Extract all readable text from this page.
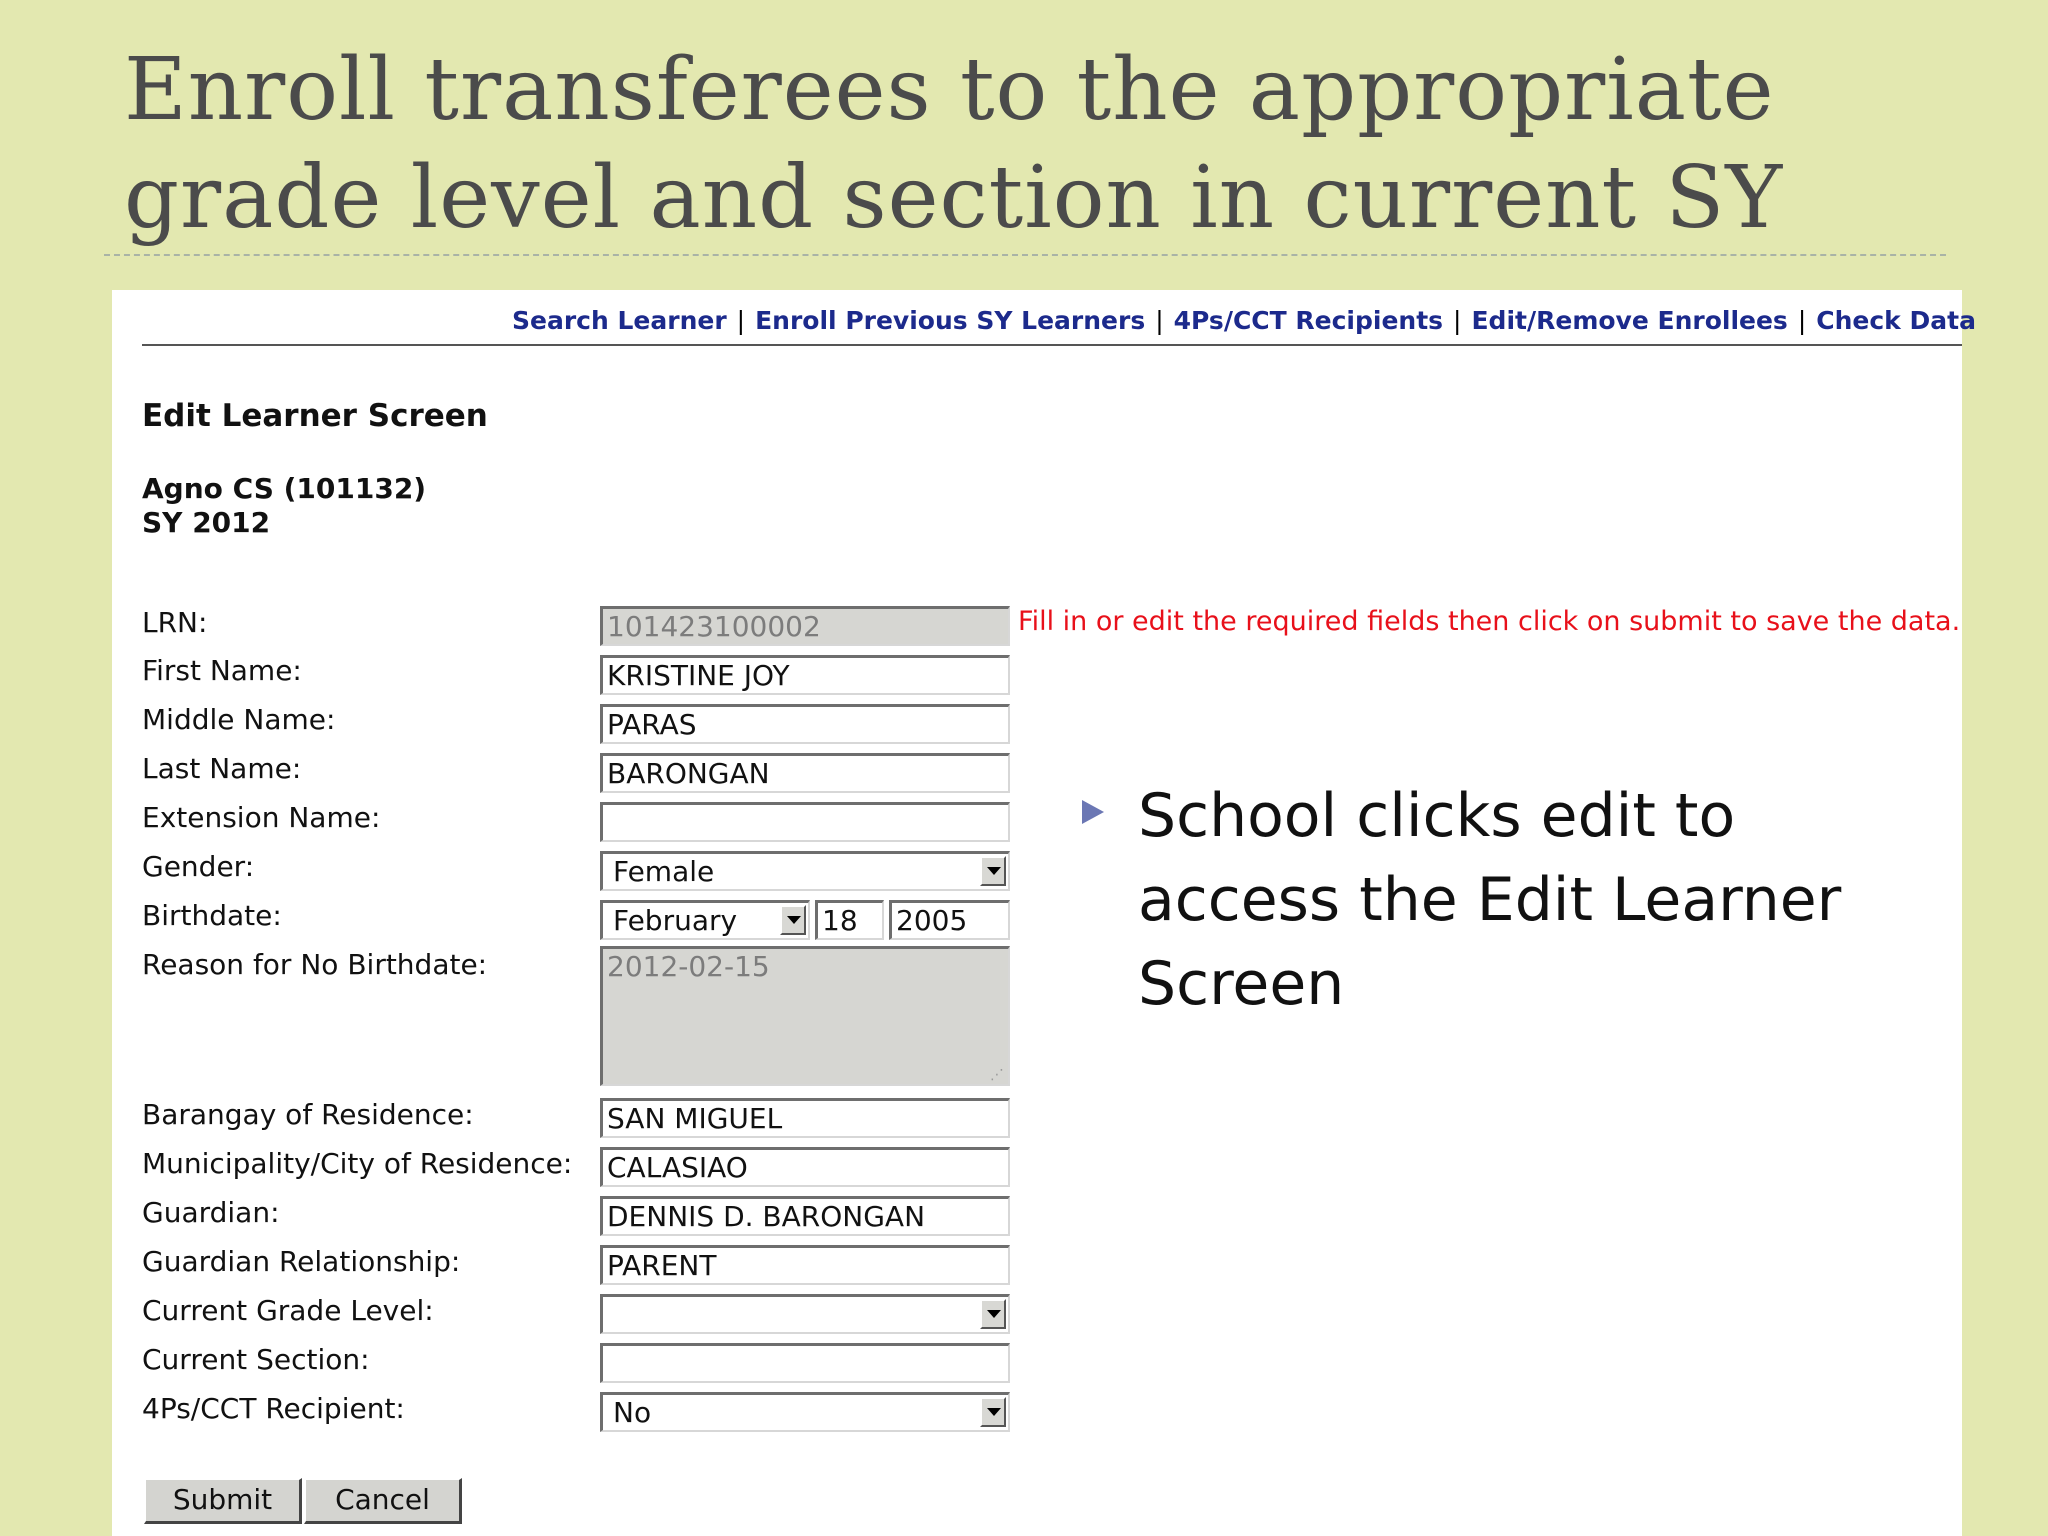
Enroll transferees to the appropriate
grade level and section in current SY
Search Learner | Enroll Previous SY Learners | 4Ps/CCT Recipients | Edit/Remove Enrollees | Check Data
Edit Learner Screen
Agno CS (101132)
SY 2012
Fill in or edit the required fields then click on submit to save the data.
LRN:	101423100002
First Name:	KRISTINE JOY
Middle Name:	PARAS
Last Name:	BARONGAN
Extension Name:
Gender:	Female
Birthdate:	February	18	2005
Reason for No Birthdate:	2012-02-15
⋰
Barangay of Residence:	SAN MIGUEL
Municipality/City of Residence: CALASIAO
Guardian:	DENNIS D. BARONGAN
Guardian Relationship:	PARENT
Current Grade Level:
Current Section:
4Ps/CCT Recipient:	No
Submit	Cancel
School clicks edit to access the Edit Learner Screen
